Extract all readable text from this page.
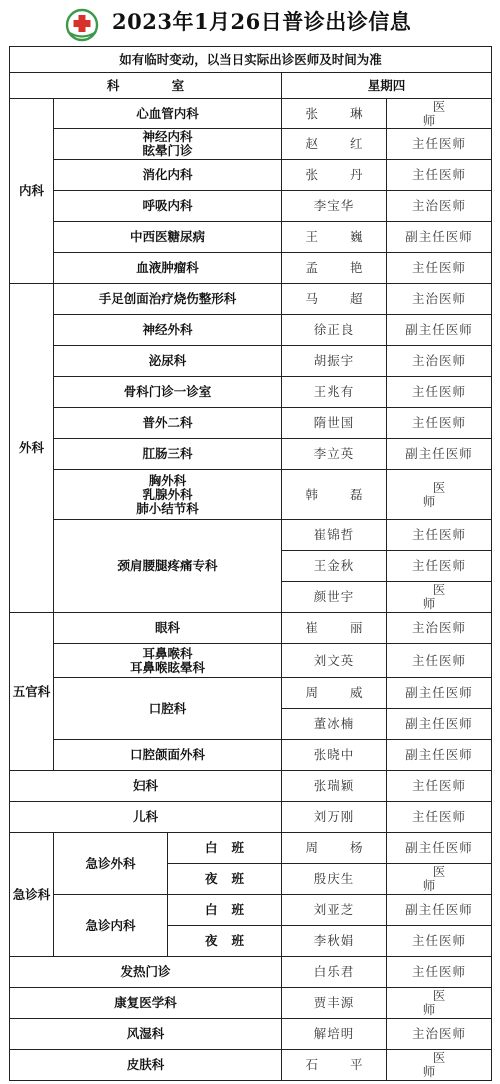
2023年1月26日普诊出诊信息
如有临时变动，以当日实际出诊医师及时间为准				
科 室			星期四	
内科	心血管内科		张 琳	医 师

	神经内科
眩晕门诊		赵 红	主任医师
	消化内科		张 丹	主任医师
	呼吸内科		李宝华	主治医师
	中西医糖尿病		王 巍	副主任医师
	血液肿瘤科		孟 艳	主任医师
外科	手足创面治疗烧伤整形科		马 超	主治医师
	神经外科		徐正良	副主任医师
	泌尿科		胡振宇	主治医师
	骨科门诊一诊室		王兆有	主任医师
	普外二科		隋世国	主任医师
	肛肠三科		李立英	副主任医师

	胸外科
乳腺外科
肺小结节科		韩 磊	医 师
	颈肩腰腿疼痛专科		崔锦哲	主任医师
			王金秋	主任医师
			颜世宇	医 师
五官科	眼科		崔 丽	主治医师

	耳鼻喉科
耳鼻喉眩晕科		刘文英	主任医师
	口腔科		周 威	副主任医师
			董冰楠	副主任医师
	口腔颌面外科		张晓中	副主任医师
妇科			张瑞颖	主任医师
儿科			刘万刚	主任医师
急诊科	急诊外科	白班	周 杨	副主任医师
		夜班	殷庆生	医 师
	急诊内科	白班	刘亚芝	副主任医师
		夜班	李秋娟	主任医师
发热门诊			白乐君	主任医师
康复医学科			贾丰源	医 师
风湿科			解培明	主治医师
皮肤科			石 平	医 师
